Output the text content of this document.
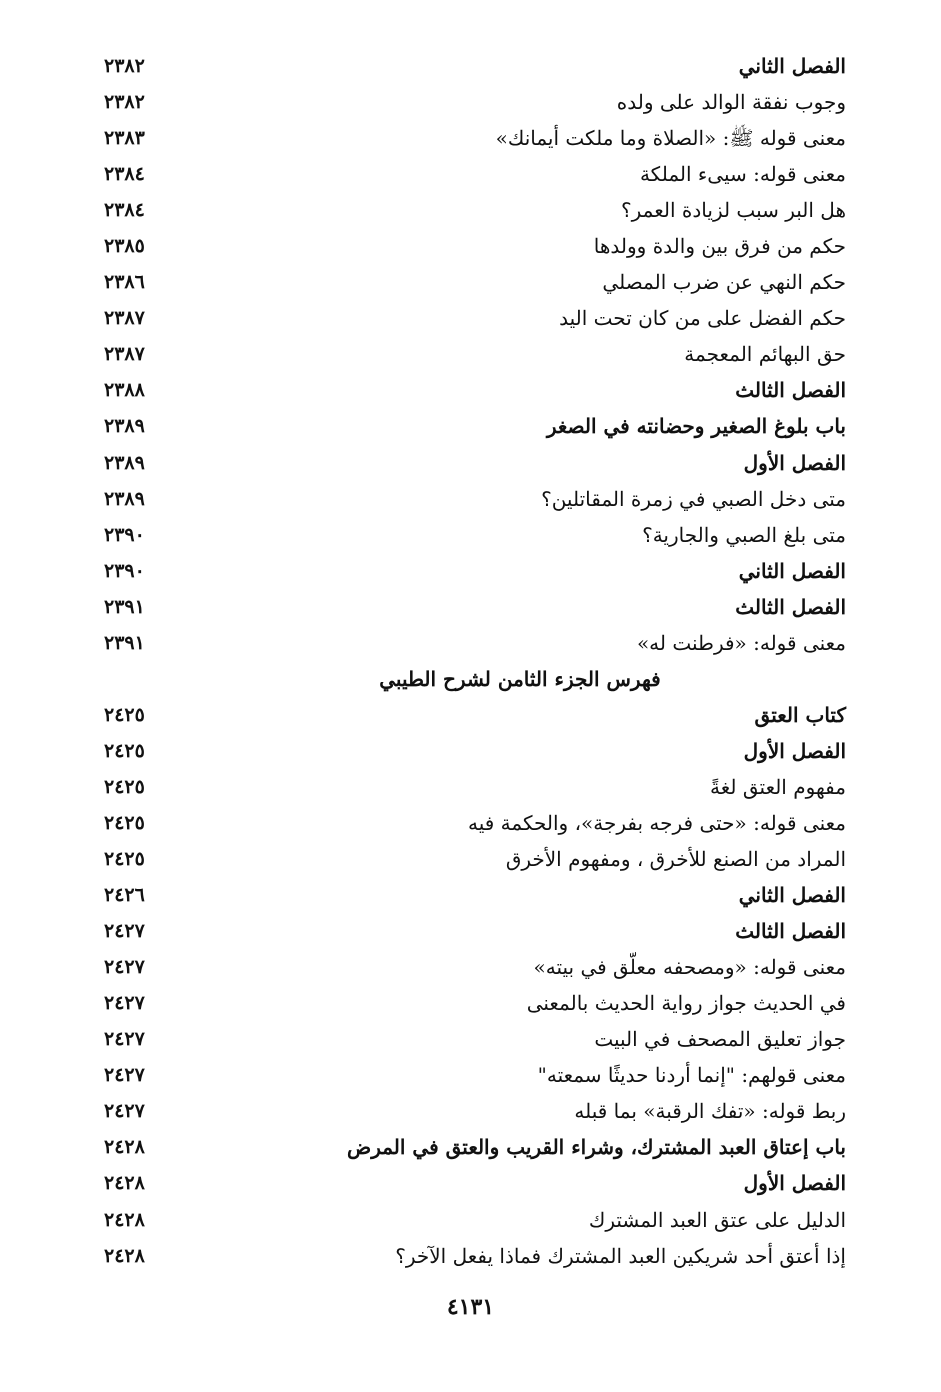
الفصل الثاني
٢٣٨٢
وجوب نفقة الوالد على ولده
٢٣٨٢
معنى قوله ﷺ: «الصلاة وما ملكت أيمانك»
٢٣٨٣
معنى قوله: سيىء الملكة
٢٣٨٤
هل البر سبب لزيادة العمر؟
٢٣٨٤
حكم من فرق بين والدة وولدها
٢٣٨٥
حكم النهي عن ضرب المصلي
٢٣٨٦
حكم الفضل على من كان تحت اليد
٢٣٨٧
حق البهائم المعجمة
٢٣٨٧
الفصل الثالث
٢٣٨٨
باب بلوغ الصغير وحضانته في الصغر
٢٣٨٩
الفصل الأول
٢٣٨٩
متى دخل الصبي في زمرة المقاتلين؟
٢٣٨٩
متى بلغ الصبي والجارية؟
٢٣٩٠
الفصل الثاني
٢٣٩٠
الفصل الثالث
٢٣٩١
معنى قوله: «فرطنت له»
٢٣٩١
فهرس الجزء الثامن لشرح الطيبي
كتاب العتق
٢٤٢٥
الفصل الأول
٢٤٢٥
مفهوم العتق لغةً
٢٤٢٥
معنى قوله: «حتى فرجه بفرجة»، والحكمة فيه
٢٤٢٥
المراد من الصنع للأخرق ، ومفهوم الأخرق
٢٤٢٥
الفصل الثاني
٢٤٢٦
الفصل الثالث
٢٤٢٧
معنى قوله: «ومصحفه معلّق في بيته»
٢٤٢٧
في الحديث جواز رواية الحديث بالمعنى
٢٤٢٧
جواز تعليق المصحف في البيت
٢٤٢٧
معنى قولهم: "إنما أردنا حديثًا سمعته"
٢٤٢٧
ربط قوله: «تفك الرقبة» بما قبله
٢٤٢٧
باب إعتاق العبد المشترك، وشراء القريب والعتق في المرض
٢٤٢٨
الفصل الأول
٢٤٢٨
الدليل على عتق العبد المشترك
٢٤٢٨
إذا أعتق أحد شريكين العبد المشترك فماذا يفعل الآخر؟
٢٤٢٨
٤١٣١
